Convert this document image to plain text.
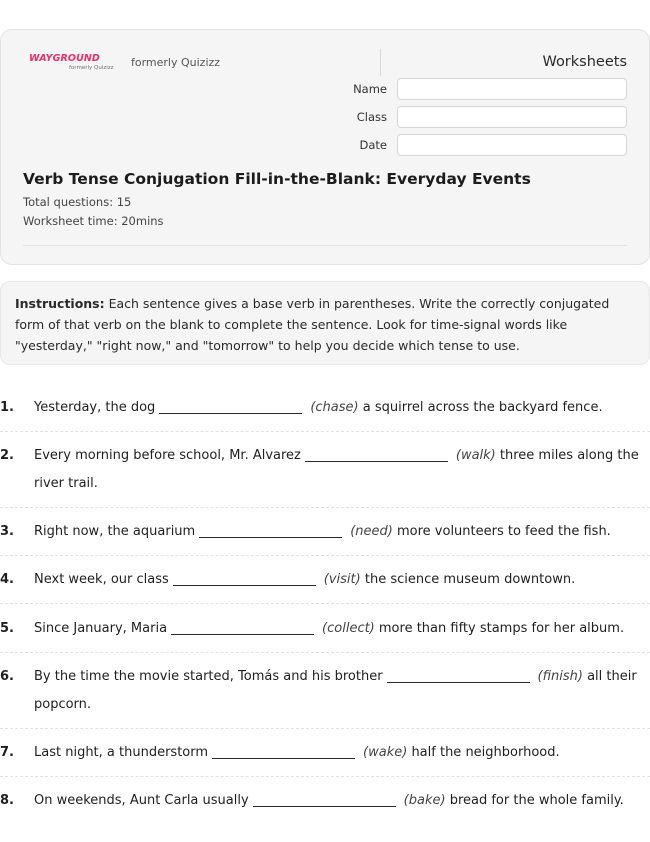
WAYGROUND
formerly Quizizz formerly Quizizz	Worksheets
Name
Class
Date
Verb Tense Conjugation Fill-in-the-Blank: Everyday Events
Total questions: 15
Worksheet time: 20mins
Instructions: Each sentence gives a base verb in parentheses. Write the correctly conjugated form of that verb on the blank to complete the sentence. Look for time-signal words like "yesterday," "right now," and "tomorrow" to help you decide which tense to use.
1.	Yesterday, the dog	(chase) a squirrel across the backyard fence.
2.	Every morning before school, Mr. Alvarez	(walk) three miles along the river trail.
3.	Right now, the aquarium	(need) more volunteers to feed the fish.
4.	Next week, our class	(visit) the science museum downtown.
5.	Since January, Maria	(collect) more than fifty stamps for her album.
6.	By the time the movie started, Tomás and his brother	(finish) all their popcorn.
7.	Last night, a thunderstorm	(wake) half the neighborhood.
8.	On weekends, Aunt Carla usually	(bake) bread for the whole family.
